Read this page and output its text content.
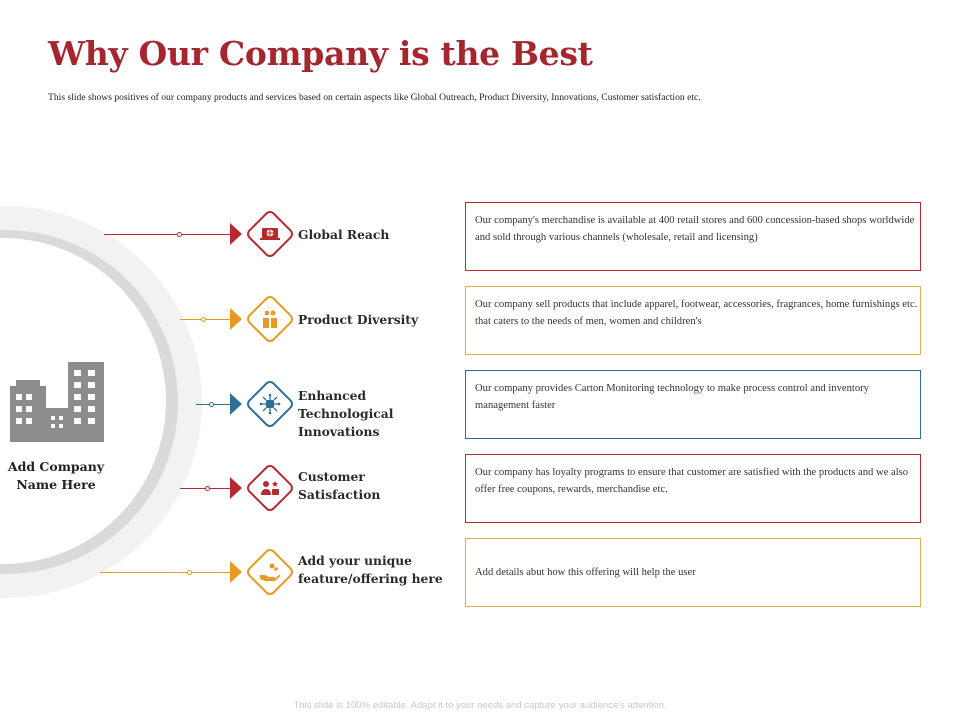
Why Our Company is the Best
This slide shows positives of our company products and services based on certain aspects like Global Outreach, Product Diversity, Innovations, Customer satisfaction etc.
Add Company Name Here
Global Reach
Our company's merchandise is available at 400 retail stores and 600 concession-based shops worldwide and sold through various channels (wholesale, retail and licensing)
Product Diversity
Our company sell products that include apparel, footwear, accessories, fragrances, home furnishings etc. that caters to the needs of men, women and children's
Enhanced Technological Innovations
Our company provides Carton Monitoring technology to make process control and inventory management faster
Customer Satisfaction
Our company has loyalty programs to ensure that customer are satisfied with the products and we also offer free coupons, rewards, merchandise etc.
Add your unique feature/offering here	Add details abut how this offering will help the user
This slide is 100% editable. Adapt it to your needs and capture your audience's attention.
